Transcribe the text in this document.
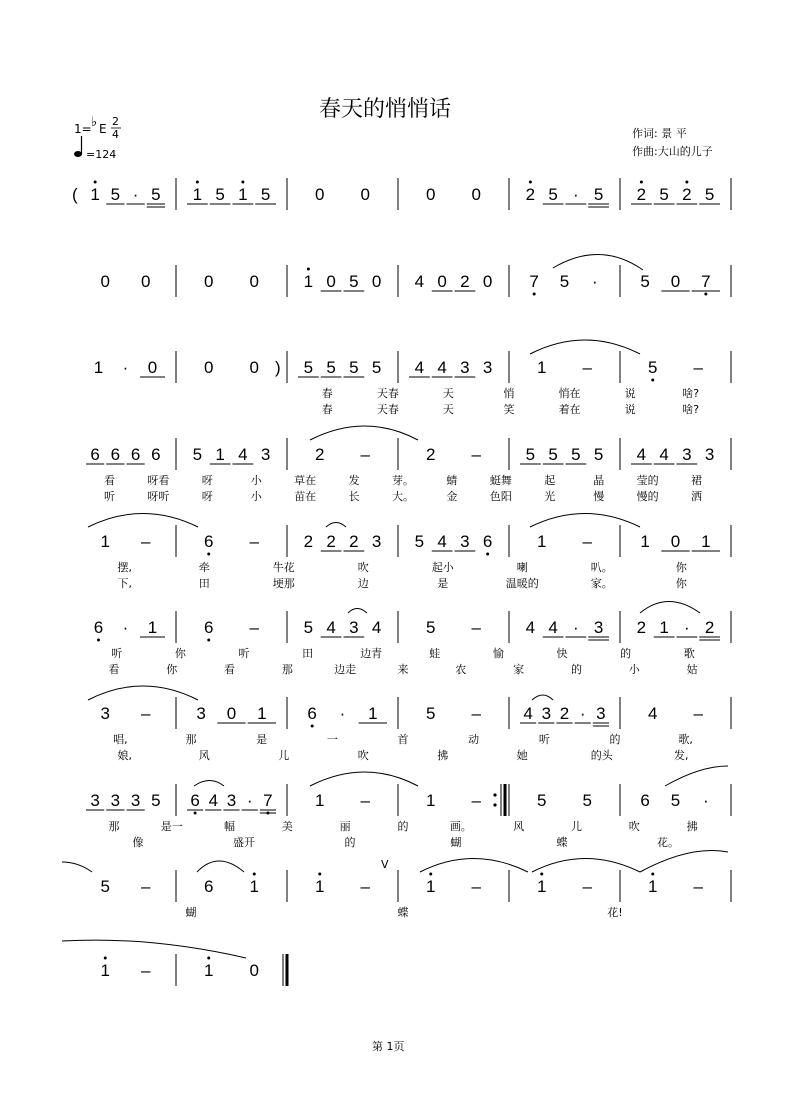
春天的悄悄话
1= ♭ E
2
4
=124
作词: 景 平
作曲:大山的儿子
( 1 5 · 5 1 5 1 5	0 0	0 0	2 5 · 5 2 5 2 5
0 0	0 0	1 0 5 0 4 0 2 0 7 5 ·	5 0 7
)
1 · 0	0 0	5 5 5 5 4 4 3 3	1 –	5 –
6 6 6 6 5 1 4 3	2 –	2 –	5 5 5 5 4 4 3 3
1 –	6 –	2 2 2 3 5 4 3 6	1 –	1 0 1
6 · 1	6 –	5 4 3 4	5 –	4 4 · 3 2 1 · 2
3 –	3 0 1 6 · 1	5 – 4 3 2 · 3 4 –
3 3 3 5 6 4 3 · 7 1 –	1 –	5 5	6 5 ·
5 –	6 1	1 –	1 –	1 –	1 –
1 –	1 0
春	天春	天	悄	悄在	说	啥?
春	天春	天	笑	着在	说	啥?
看	呀看	呀	小	草在	发	芽。	蜻	蜓舞	起	晶	莹的	裙
听	呀听	呀	小	苗在	长	大。	金	色阳	光	慢	慢的	洒
摆,	牵	牛花	吹	起小	喇	叭。	你
下,	田	埂那	边	是	温暖的	家。	你
听	你	听	田	边青	蛙	愉	快	的	歌
看	你	看	那	边走	来	农	家	的	小	姑
唱,	那	是	一	首	动	听	的	歌,
娘,	风	儿	吹	拂	她	的头	发,
那	是一	幅	美	丽	的	画。	风	儿	吹	拂
像	盛开	的	蝴	蝶	花。
蝴	蝶	花!
V
第 1页
